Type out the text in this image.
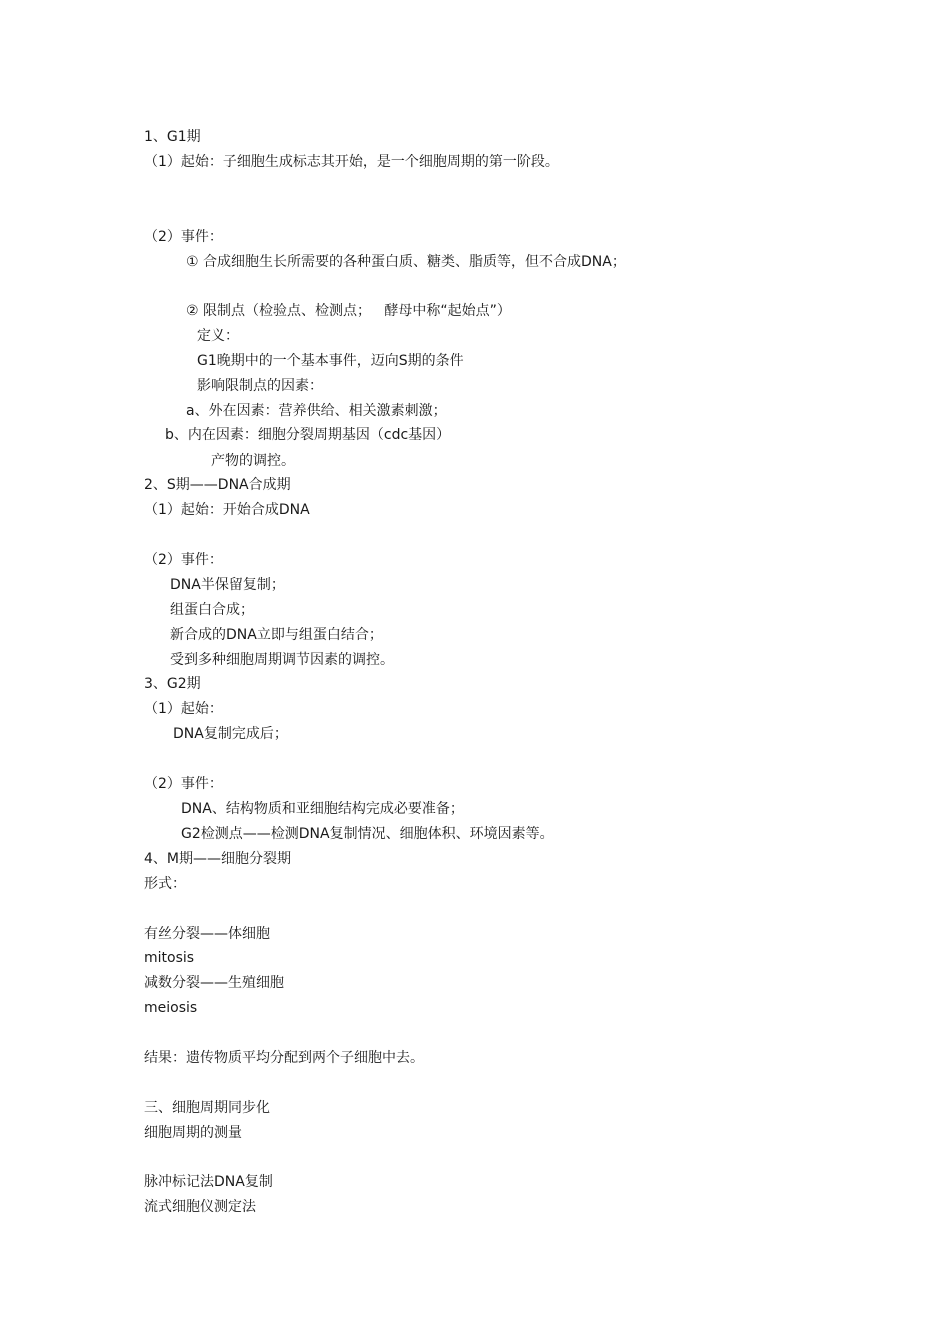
1、G1期
（1）起始：子细胞生成标志其开始，是一个细胞周期的第一阶段。
（2）事件：
① 合成细胞生长所需要的各种蛋白质、糖类、脂质等，但不合成DNA；
② 限制点（检验点、检测点；   酵母中称“起始点”）
定义：
G1晚期中的一个基本事件，迈向S期的条件
影响限制点的因素：
a、外在因素：营养供给、相关激素刺激；
b、内在因素：细胞分裂周期基因（cdc基因）
产物的调控。
2、S期——DNA合成期
（1）起始：开始合成DNA
（2）事件：
DNA半保留复制；
组蛋白合成；
新合成的DNA立即与组蛋白结合；
受到多种细胞周期调节因素的调控。
3、G2期
（1）起始：
DNA复制完成后；
（2）事件：
DNA、结构物质和亚细胞结构完成必要准备；
G2检测点——检测DNA复制情况、细胞体积、环境因素等。
4、M期——细胞分裂期
形式：
有丝分裂——体细胞
mitosis
减数分裂——生殖细胞
meiosis
结果：遗传物质平均分配到两个子细胞中去。
三、细胞周期同步化
细胞周期的测量
脉冲标记法DNA复制
流式细胞仪测定法
